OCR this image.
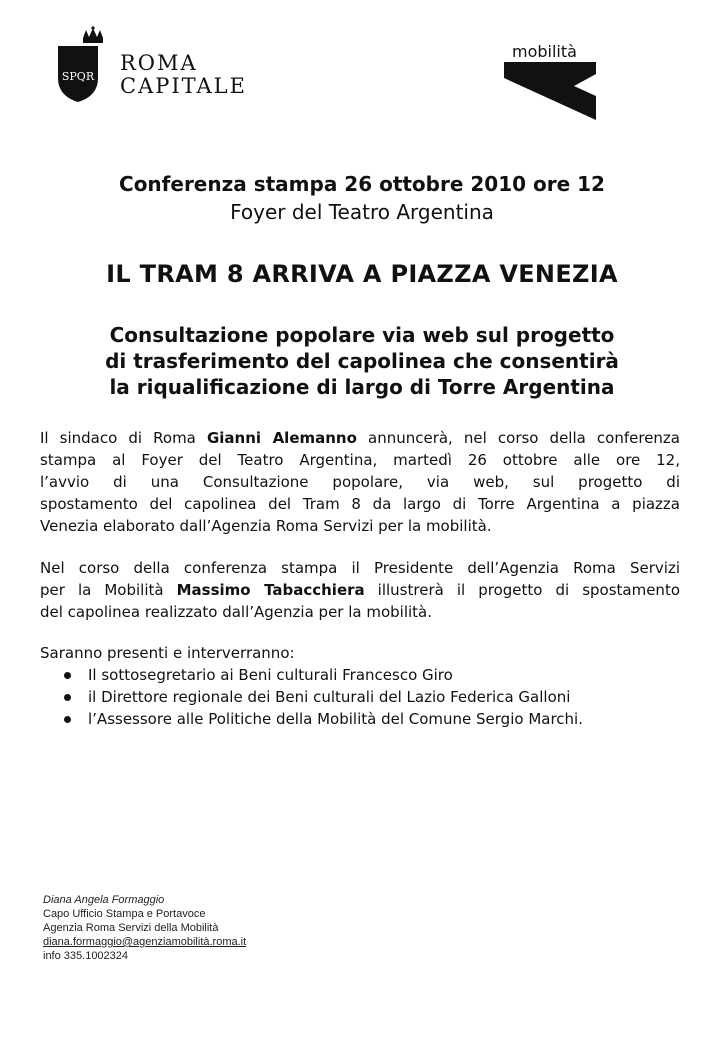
SPQR
ROMA
CAPITALE
mobilità
Conferenza stampa 26 ottobre 2010 ore 12
Foyer del Teatro Argentina
IL TRAM 8 ARRIVA A PIAZZA VENEZIA
Consultazione popolare via web sul progetto
di trasferimento del capolinea che consentirà
la riqualificazione di largo di Torre Argentina
Il sindaco di Roma Gianni Alemanno annuncerà, nel corso della conferenza
stampa al Foyer del Teatro Argentina, martedì 26 ottobre alle ore 12,
l’avvio di una Consultazione popolare, via web, sul progetto di
spostamento del capolinea del Tram 8 da largo di Torre Argentina a piazza
Venezia elaborato dall’Agenzia Roma Servizi per la mobilità.
Nel corso della conferenza stampa il Presidente dell’Agenzia Roma Servizi
per la Mobilità Massimo Tabacchiera illustrerà il progetto di spostamento
del capolinea realizzato dall’Agenzia per la mobilità.
Saranno presenti e interverranno:
Il sottosegretario ai Beni culturali Francesco Giro
il Direttore regionale dei Beni culturali del Lazio Federica Galloni
l’Assessore alle Politiche della Mobilità del Comune Sergio Marchi.
Diana Angela Formaggio
Capo Ufficio Stampa e Portavoce
Agenzia Roma Servizi della Mobilità
diana.formaggio@agenziamobilità.roma.it
info 335.1002324
